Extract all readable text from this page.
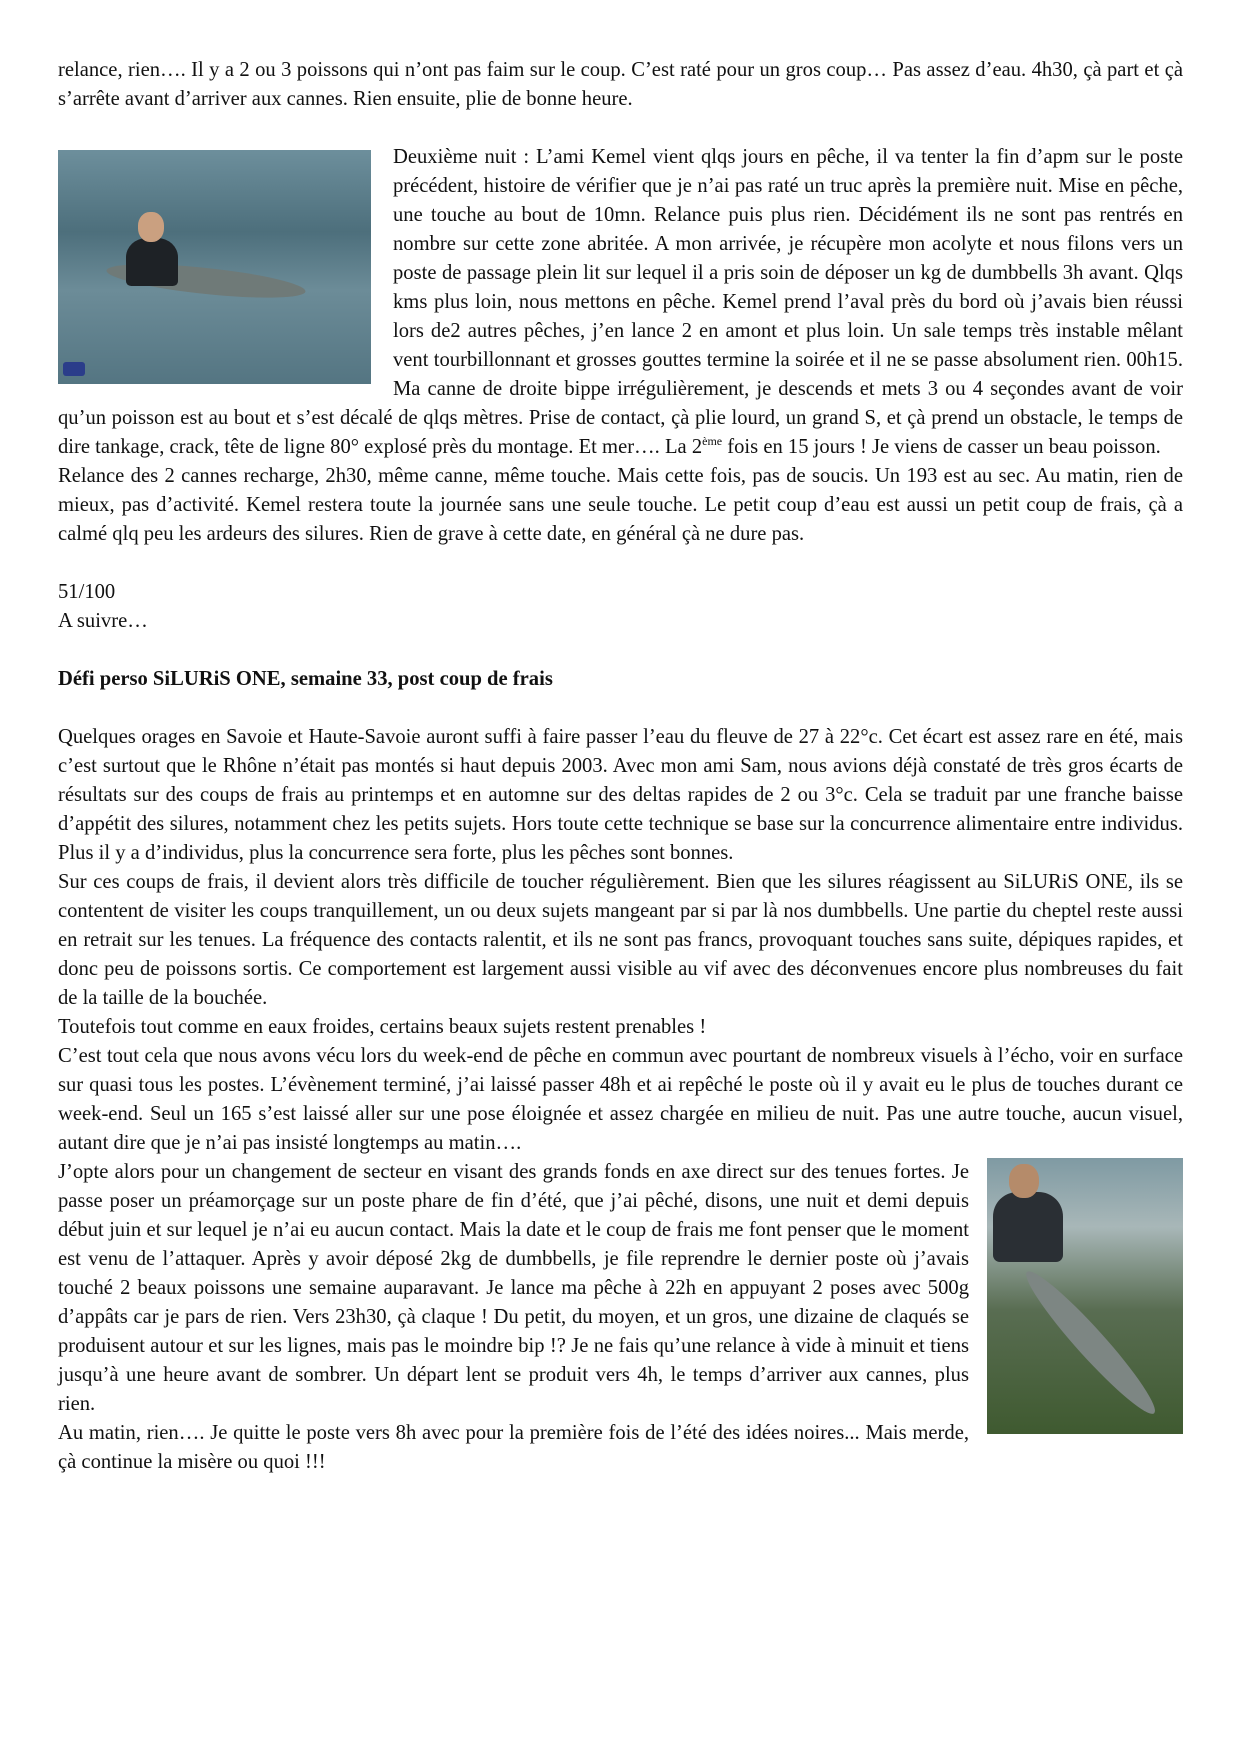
relance, rien…. Il y a 2 ou 3 poissons qui n’ont pas faim sur le coup. C’est raté pour un gros coup… Pas assez d’eau. 4h30, çà part et çà s’arrête avant d’arriver aux cannes. Rien ensuite, plie de bonne heure.

Deuxième nuit : L’ami Kemel vient qlqs jours en pêche, il va tenter la fin d’apm sur le poste précédent, histoire de vérifier que je n’ai pas raté un truc après la première nuit. Mise en pêche, une touche au bout de 10mn. Relance puis plus rien. Décidément ils ne sont pas rentrés en nombre sur cette zone abritée. A mon arrivée, je récupère mon acolyte et nous filons vers un poste de passage plein lit sur lequel il a pris soin de déposer un kg de dumbbells 3h avant. Qlqs kms plus loin, nous mettons en pêche. Kemel prend l’aval près du bord où j’avais bien réussi lors de2 autres pêches, j’en lance 2 en amont et plus loin. Un sale temps très instable mêlant vent tourbillonnant et grosses gouttes termine la soirée et il ne se passe absolument rien. 00h15. Ma canne de droite bippe irrégulièrement, je descends et mets 3 ou 4 seçondes avant de voir qu’un poisson est au bout et s’est décalé de qlqs mètres. Prise de contact, çà plie lourd, un grand S, et çà prend un obstacle, le temps de dire tankage, crack, tête de ligne 80° explosé près du montage. Et mer…. La 2ème fois en 15 jours ! Je viens de casser un beau poisson.

Relance des 2 cannes recharge, 2h30, même canne, même touche. Mais cette fois, pas de soucis. Un 193 est au sec. Au matin, rien de mieux, pas d’activité. Kemel restera toute la journée sans une seule touche. Le petit coup d’eau est aussi un petit coup de frais, çà a calmé qlq peu les ardeurs des silures. Rien de grave à cette date, en général çà ne dure pas.

51/100

A suivre…

Défi perso SiLURiS ONE, semaine 33, post coup de frais

Quelques orages en Savoie et Haute-Savoie auront suffi à faire passer l’eau du fleuve de 27 à 22°c. Cet écart est assez rare en été, mais c’est surtout que le Rhône n’était pas montés si haut depuis 2003. Avec mon ami Sam, nous avions déjà constaté de très gros écarts de résultats sur des coups de frais au printemps et en automne sur des deltas rapides de 2 ou 3°c. Cela se traduit par une franche baisse d’appétit des silures, notamment chez les petits sujets. Hors toute cette technique se base sur la concurrence alimentaire entre individus. Plus il y a d’individus, plus la concurrence sera forte, plus les pêches sont bonnes.

Sur ces coups de frais, il devient alors très difficile de toucher régulièrement. Bien que les silures réagissent au SiLURiS ONE, ils se contentent de visiter les coups tranquillement, un ou deux sujets mangeant par si par là nos dumbbells. Une partie du cheptel reste aussi en retrait sur les tenues. La fréquence des contacts ralentit, et ils ne sont pas francs, provoquant touches sans suite, dépiques rapides, et donc peu de poissons sortis. Ce comportement est largement aussi visible au vif avec des déconvenues encore plus nombreuses du fait de la taille de la bouchée.

Toutefois tout comme en eaux froides, certains beaux sujets restent prenables !

C’est tout cela que nous avons vécu lors du week-end de pêche en commun avec pourtant de nombreux visuels à l’écho, voir en surface sur quasi tous les postes. L’évènement terminé, j’ai laissé passer 48h et ai repêché le poste où il y avait eu le plus de touches durant ce week-end. Seul un 165 s’est laissé aller sur une pose éloignée et assez chargée en milieu de nuit. Pas une autre touche, aucun visuel, autant dire que je n’ai pas insisté longtemps au matin….

J’opte alors pour un changement de secteur en visant des grands fonds en axe direct sur des tenues fortes. Je passe poser un préamorçage sur un poste phare de fin d’été, que j’ai pêché, disons, une nuit et demi depuis début juin et sur lequel je n’ai eu aucun contact. Mais la date et le coup de frais me font penser que le moment est venu de l’attaquer. Après y avoir déposé 2kg de dumbbells, je file reprendre le dernier poste où j’avais touché 2 beaux poissons une semaine auparavant. Je lance ma pêche à 22h en appuyant 2 poses avec 500g d’appâts car je pars de rien. Vers 23h30, çà claque ! Du petit, du moyen, et un gros, une dizaine de claqués se produisent autour et sur les lignes, mais pas le moindre bip !? Je ne fais qu’une relance à vide à minuit et tiens jusqu’à une heure avant de sombrer. Un départ lent se produit vers 4h, le temps d’arriver aux cannes, plus rien.

Au matin, rien…. Je quitte le poste vers 8h avec pour la première fois de l’été des idées noires... Mais merde, çà continue la misère ou quoi !!!
